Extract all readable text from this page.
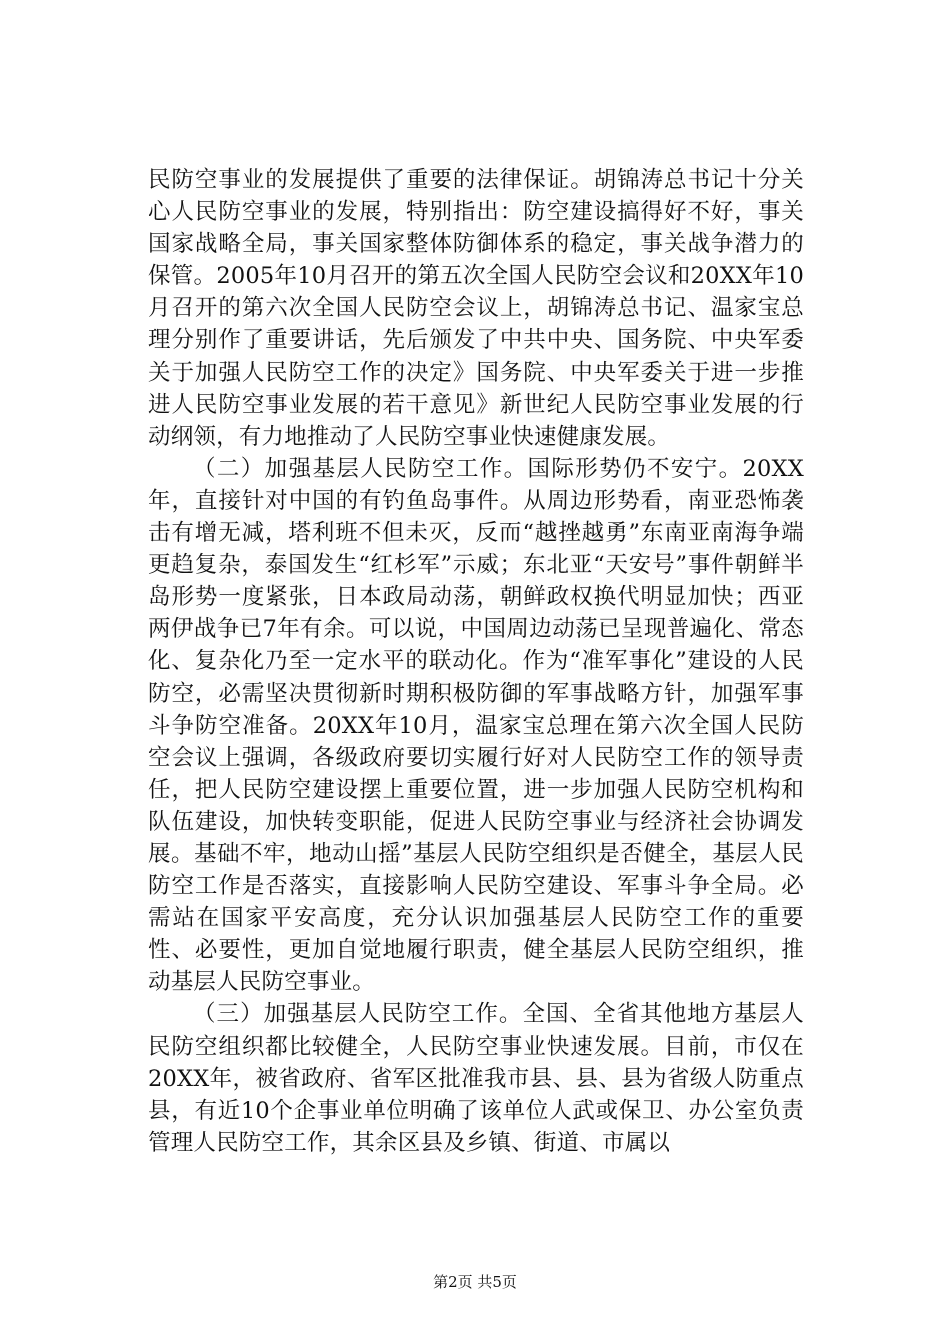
民防空事业的发展提供了重要的法律保证。胡锦涛总书记十分关心人民防空事业的发展，特别指出：防空建设搞得好不好，事关国家战略全局，事关国家整体防御体系的稳定，事关战争潜力的保管。2005年10月召开的第五次全国人民防空会议和20XX年10月召开的第六次全国人民防空会议上，胡锦涛总书记、温家宝总理分别作了重要讲话，先后颁发了中共中央、国务院、中央军委关于加强人民防空工作的决定》国务院、中央军委关于进一步推进人民防空事业发展的若干意见》新世纪人民防空事业发展的行动纲领，有力地推动了人民防空事业快速健康发展。

（二）加强基层人民防空工作。国际形势仍不安宁。20XX年，直接针对中国的有钓鱼岛事件。从周边形势看，南亚恐怖袭击有增无减，塔利班不但未灭，反而“越挫越勇”东南亚南海争端更趋复杂，泰国发生“红杉军”示威；东北亚“天安号”事件朝鲜半岛形势一度紧张，日本政局动荡，朝鲜政权换代明显加快；西亚两伊战争已7年有余。可以说，中国周边动荡已呈现普遍化、常态化、复杂化乃至一定水平的联动化。作为“准军事化”建设的人民防空，必需坚决贯彻新时期积极防御的军事战略方针，加强军事斗争防空准备。20XX年10月，温家宝总理在第六次全国人民防空会议上强调，各级政府要切实履行好对人民防空工作的领导责任，把人民防空建设摆上重要位置，进一步加强人民防空机构和队伍建设，加快转变职能，促进人民防空事业与经济社会协调发展。基础不牢，地动山摇”基层人民防空组织是否健全，基层人民防空工作是否落实，直接影响人民防空建设、军事斗争全局。必需站在国家平安高度，充分认识加强基层人民防空工作的重要性、必要性，更加自觉地履行职责，健全基层人民防空组织，推动基层人民防空事业。

（三）加强基层人民防空工作。全国、全省其他地方基层人民防空组织都比较健全，人民防空事业快速发展。目前，市仅在20XX年，被省政府、省军区批准我市县、县、县为省级人防重点县，有近10个企事业单位明确了该单位人武或保卫、办公室负责管理人民防空工作，其余区县及乡镇、街道、市属以

第2页 共5页
